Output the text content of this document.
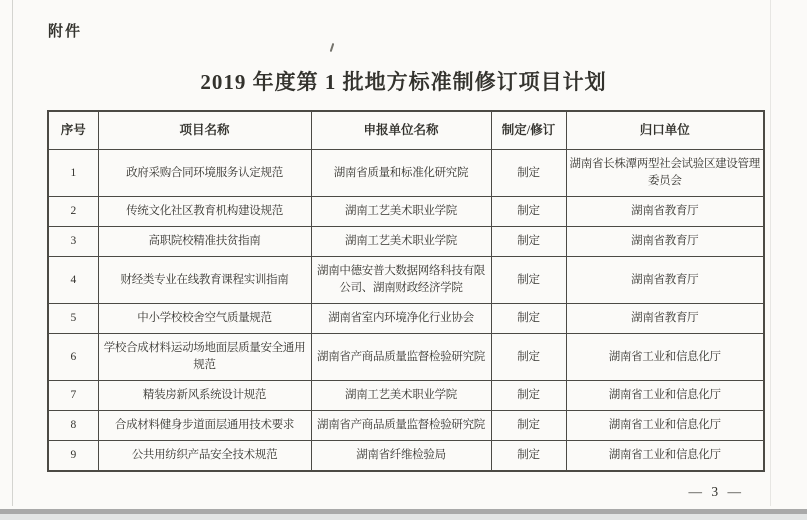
附件
2019 年度第 1 批地方标准制修订项目计划
序号	项目名称	申报单位名称	制定/修订	归口单位
1	政府采购合同环境服务认定规范	湖南省质量和标准化研究院	制定	湖南省长株潭两型社会试验区建设管理委员会
2	传统文化社区教育机构建设规范	湖南工艺美术职业学院	制定	湖南省教育厅
3	高职院校精准扶贫指南	湖南工艺美术职业学院	制定	湖南省教育厅
4	财经类专业在线教育课程实训指南	湖南中德安普大数据网络科技有限公司、湖南财政经济学院	制定	湖南省教育厅
5	中小学校校舍空气质量规范	湖南省室内环境净化行业协会	制定	湖南省教育厅
6	学校合成材料运动场地面层质量安全通用规范	湖南省产商品质量监督检验研究院	制定	湖南省工业和信息化厅
7	精装房新风系统设计规范	湖南工艺美术职业学院	制定	湖南省工业和信息化厅
8	合成材料健身步道面层通用技术要求	湖南省产商品质量监督检验研究院	制定	湖南省工业和信息化厅
9	公共用纺织产品安全技术规范	湖南省纤维检验局	制定	湖南省工业和信息化厅
— 3 —
